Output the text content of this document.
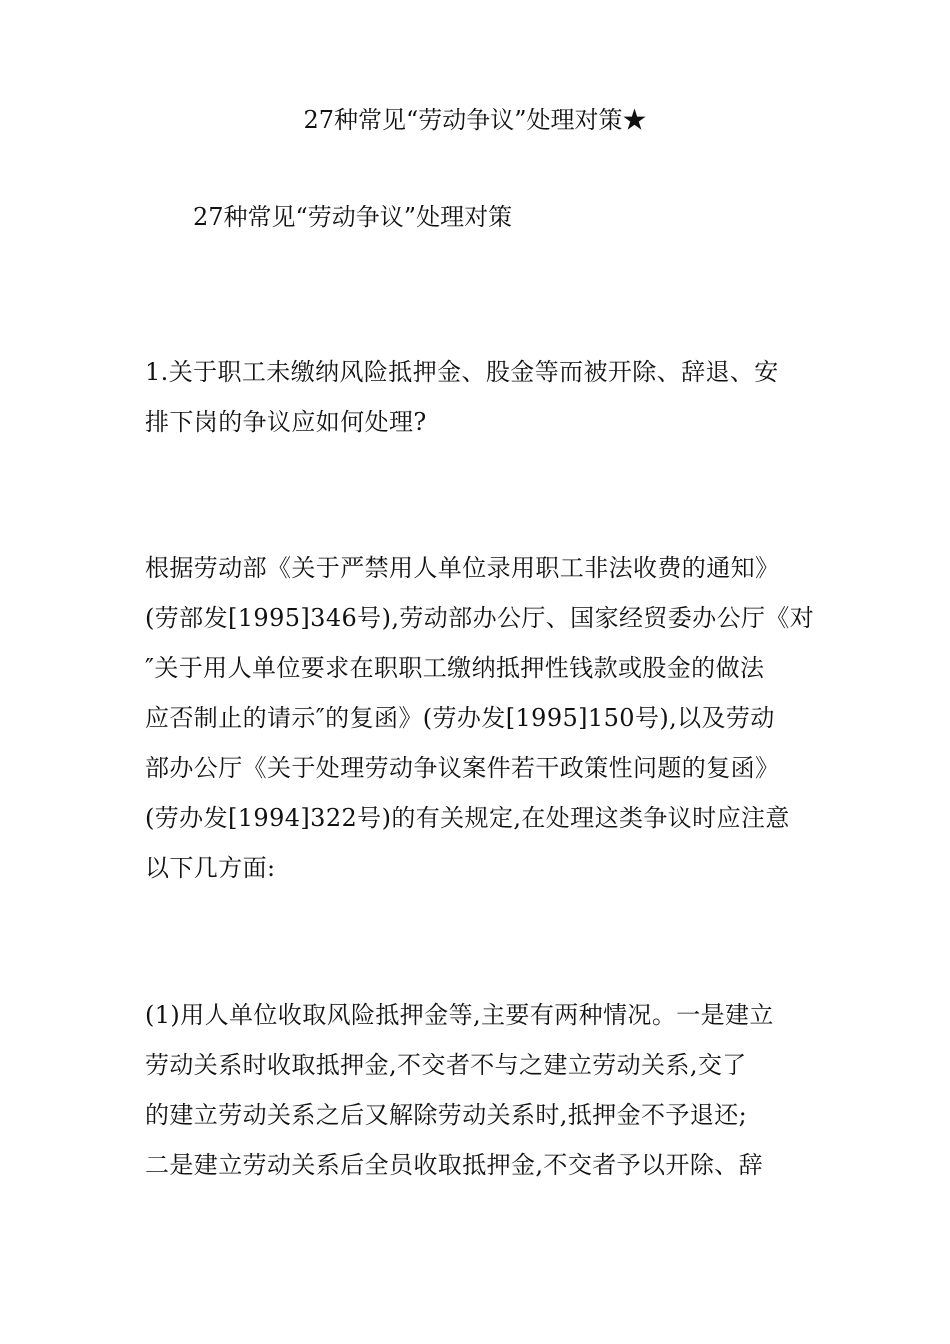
27种常见“劳动争议”处理对策★

27种常见“劳动争议”处理对策

1.关于职工未缴纳风险抵押金、股金等而被开除、辞退、安
排下岗的争议应如何处理?
根据劳动部《关于严禁用人单位录用职工非法收费的通知》
(劳部发[1995]346号),劳动部办公厅、国家经贸委办公厅《对
″关于用人单位要求在职职工缴纳抵押性钱款或股金的做法
应否制止的请示″的复函》(劳办发[1995]150号),以及劳动
部办公厅《关于处理劳动争议案件若干政策性问题的复函》
(劳办发[1994]322号)的有关规定,在处理这类争议时应注意
以下几方面:
(1)用人单位收取风险抵押金等,主要有两种情况。一是建立
劳动关系时收取抵押金,不交者不与之建立劳动关系,交了
的建立劳动关系之后又解除劳动关系时,抵押金不予退还;
二是建立劳动关系后全员收取抵押金,不交者予以开除、辞
